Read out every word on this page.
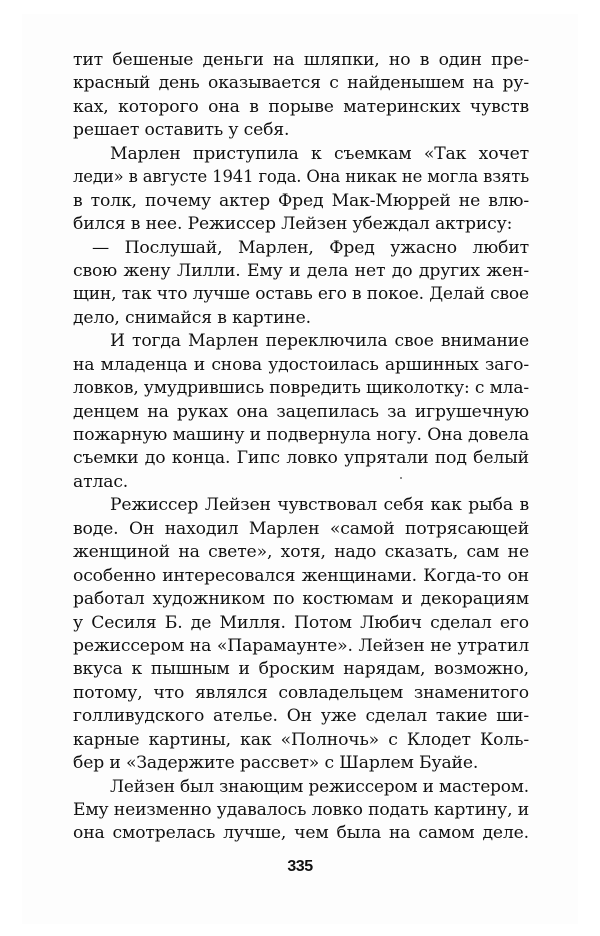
тит бешеные деньги на шляпки, но в один пре-
красный день оказывается с найденышем на ру-
ках, которого она в порыве материнских чувств
решает оставить у себя.
Марлен приступила к съемкам «Так хочет
леди» в августе 1941 года. Она никак не могла взять
в толк, почему актер Фред Мак-Мюррей не влю-
бился в нее. Режиссер Лейзен убеждал актрису:
— Послушай, Марлен, Фред ужасно любит
свою жену Лилли. Ему и дела нет до других жен-
щин, так что лучше оставь его в покое. Делай свое
дело, снимайся в картине.
И тогда Марлен переключила свое внимание
на младенца и снова удостоилась аршинных заго-
ловков, умудрившись повредить щиколотку: с мла-
денцем на руках она зацепилась за игрушечную
пожарную машину и подвернула ногу. Она довела
съемки до конца. Гипс ловко упрятали под белый
атлас.
Режиссер Лейзен чувствовал себя как рыба в
воде. Он находил Марлен «самой потрясающей
женщиной на свете», хотя, надо сказать, сам не
особенно интересовался женщинами. Когда-то он
работал художником по костюмам и декорациям
у Сесиля Б. де Милля. Потом Любич сделал его
режиссером на «Парамаунте». Лейзен не утратил
вкуса к пышным и броским нарядам, возможно,
потому, что являлся совладельцем знаменитого
голливудского ателье. Он уже сделал такие ши-
карные картины, как «Полночь» с Клодет Коль-
бер и «Задержите рассвет» с Шарлем Буайе.
Лейзен был знающим режиссером и мастером.
Ему неизменно удавалось ловко подать картину, и
она смотрелась лучше, чем была на самом деле.
335
